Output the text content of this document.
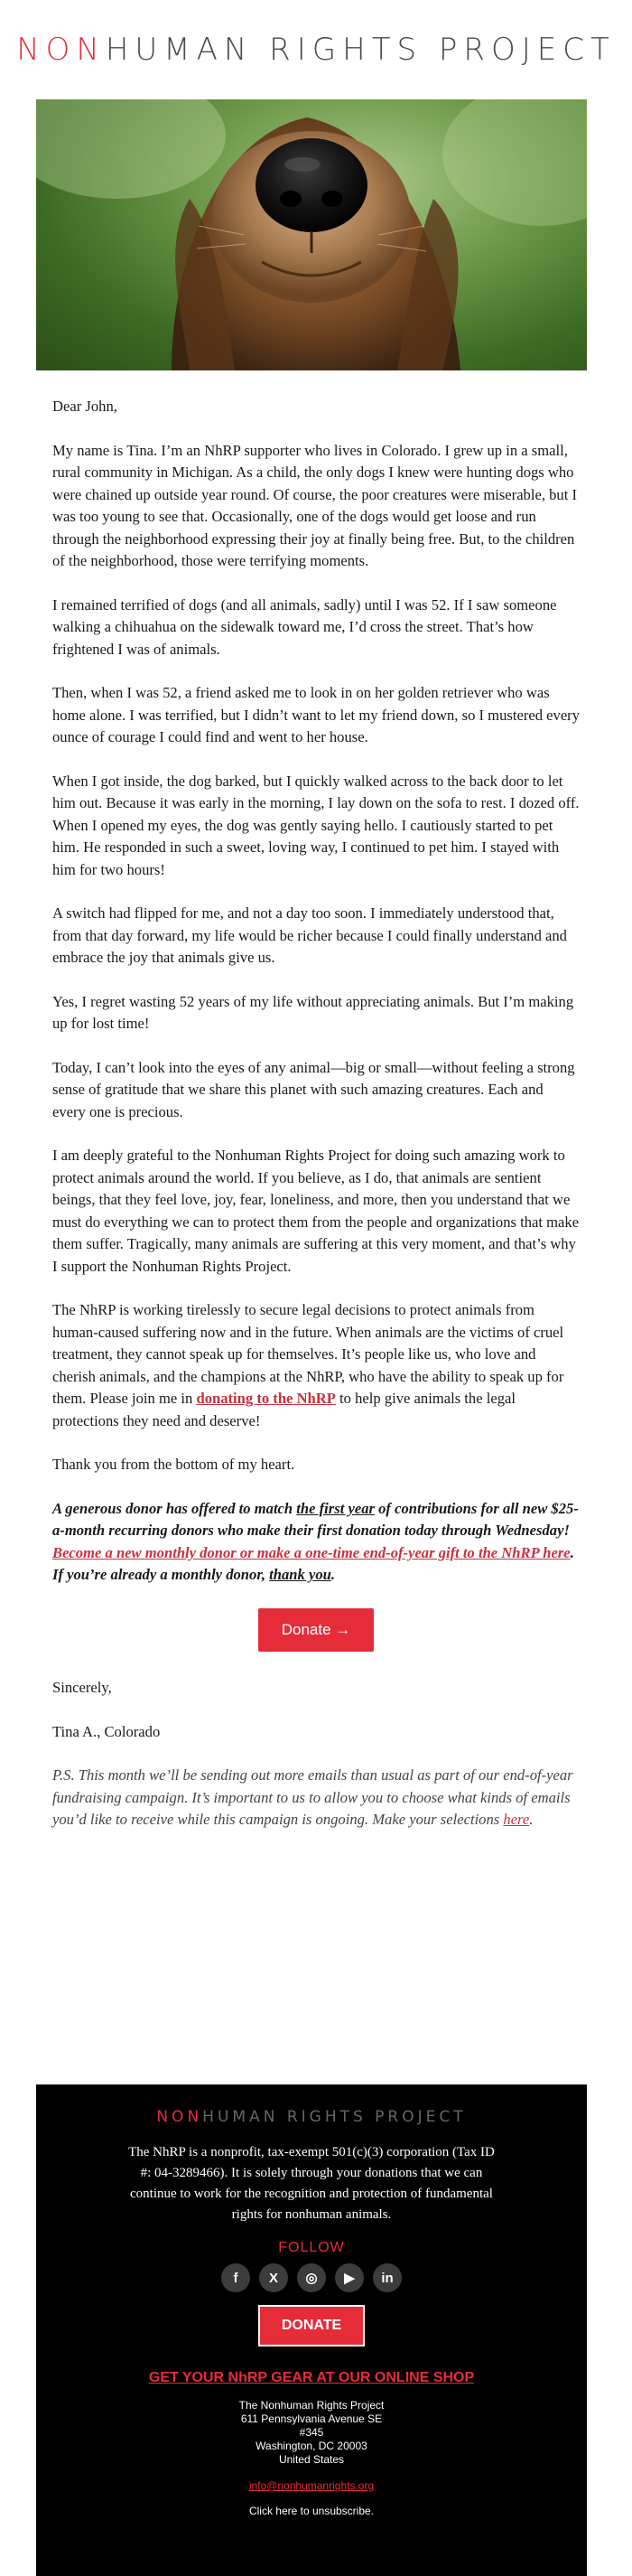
NONHUMAN RIGHTS PROJECT

Dear John,

My name is Tina. I’m an NhRP supporter who lives in Colorado. I grew up in a small, rural community in Michigan. As a child, the only dogs I knew were hunting dogs who were chained up outside year round. Of course, the poor creatures were miserable, but I was too young to see that. Occasionally, one of the dogs would get loose and run through the neighborhood expressing their joy at finally being free. But, to the children of the neighborhood, those were terrifying moments.

I remained terrified of dogs (and all animals, sadly) until I was 52. If I saw someone walking a chihuahua on the sidewalk toward me, I’d cross the street. That’s how frightened I was of animals.

Then, when I was 52, a friend asked me to look in on her golden retriever who was home alone. I was terrified, but I didn’t want to let my friend down, so I mustered every ounce of courage I could find and went to her house.

When I got inside, the dog barked, but I quickly walked across to the back door to let him out. Because it was early in the morning, I lay down on the sofa to rest. I dozed off. When I opened my eyes, the dog was gently saying hello. I cautiously started to pet him. He responded in such a sweet, loving way, I continued to pet him. I stayed with him for two hours!

A switch had flipped for me, and not a day too soon. I immediately understood that, from that day forward, my life would be richer because I could finally understand and embrace the joy that animals give us.

Yes, I regret wasting 52 years of my life without appreciating animals. But I’m making up for lost time!

Today, I can’t look into the eyes of any animal—big or small—without feeling a strong sense of gratitude that we share this planet with such amazing creatures. Each and every one is precious.

I am deeply grateful to the Nonhuman Rights Project for doing such amazing work to protect animals around the world. If you believe, as I do, that animals are sentient beings, that they feel love, joy, fear, loneliness, and more, then you understand that we must do everything we can to protect them from the people and organizations that make them suffer. Tragically, many animals are suffering at this very moment, and that’s why I support the Nonhuman Rights Project.

The NhRP is working tirelessly to secure legal decisions to protect animals from human-caused suffering now and in the future. When animals are the victims of cruel treatment, they cannot speak up for themselves. It’s people like us, who love and cherish animals, and the champions at the NhRP, who have the ability to speak up for them. Please join me in donating to the NhRP to help give animals the legal protections they need and deserve!

Thank you from the bottom of my heart.

A generous donor has offered to match the first year of contributions for all new $25-a-month recurring donors who make their first donation today through Wednesday! Become a new monthly donor or make a one-time end-of-year gift to the NhRP here. If you’re already a monthly donor, thank you.

Donate →

Sincerely,

Tina A., Colorado

P.S. This month we’ll be sending out more emails than usual as part of our end-of-year fundraising campaign. It’s important to us to allow you to choose what kinds of emails you’d like to receive while this campaign is ongoing. Make your selections here.

NONHUMAN RIGHTS PROJECT
The NhRP is a nonprofit, tax-exempt 501(c)(3) corporation (Tax ID #: 04-3289466). It is solely through your donations that we can continue to work for the recognition and protection of fundamental rights for nonhuman animals.
FOLLOW
f	X	◎	▶	in
DONATE
GET YOUR NhRP GEAR AT OUR ONLINE SHOP
The Nonhuman Rights Project
611 Pennsylvania Avenue SE
#345
Washington, DC 20003
United States
info@nonhumanrights.org
Click here to unsubscribe.
